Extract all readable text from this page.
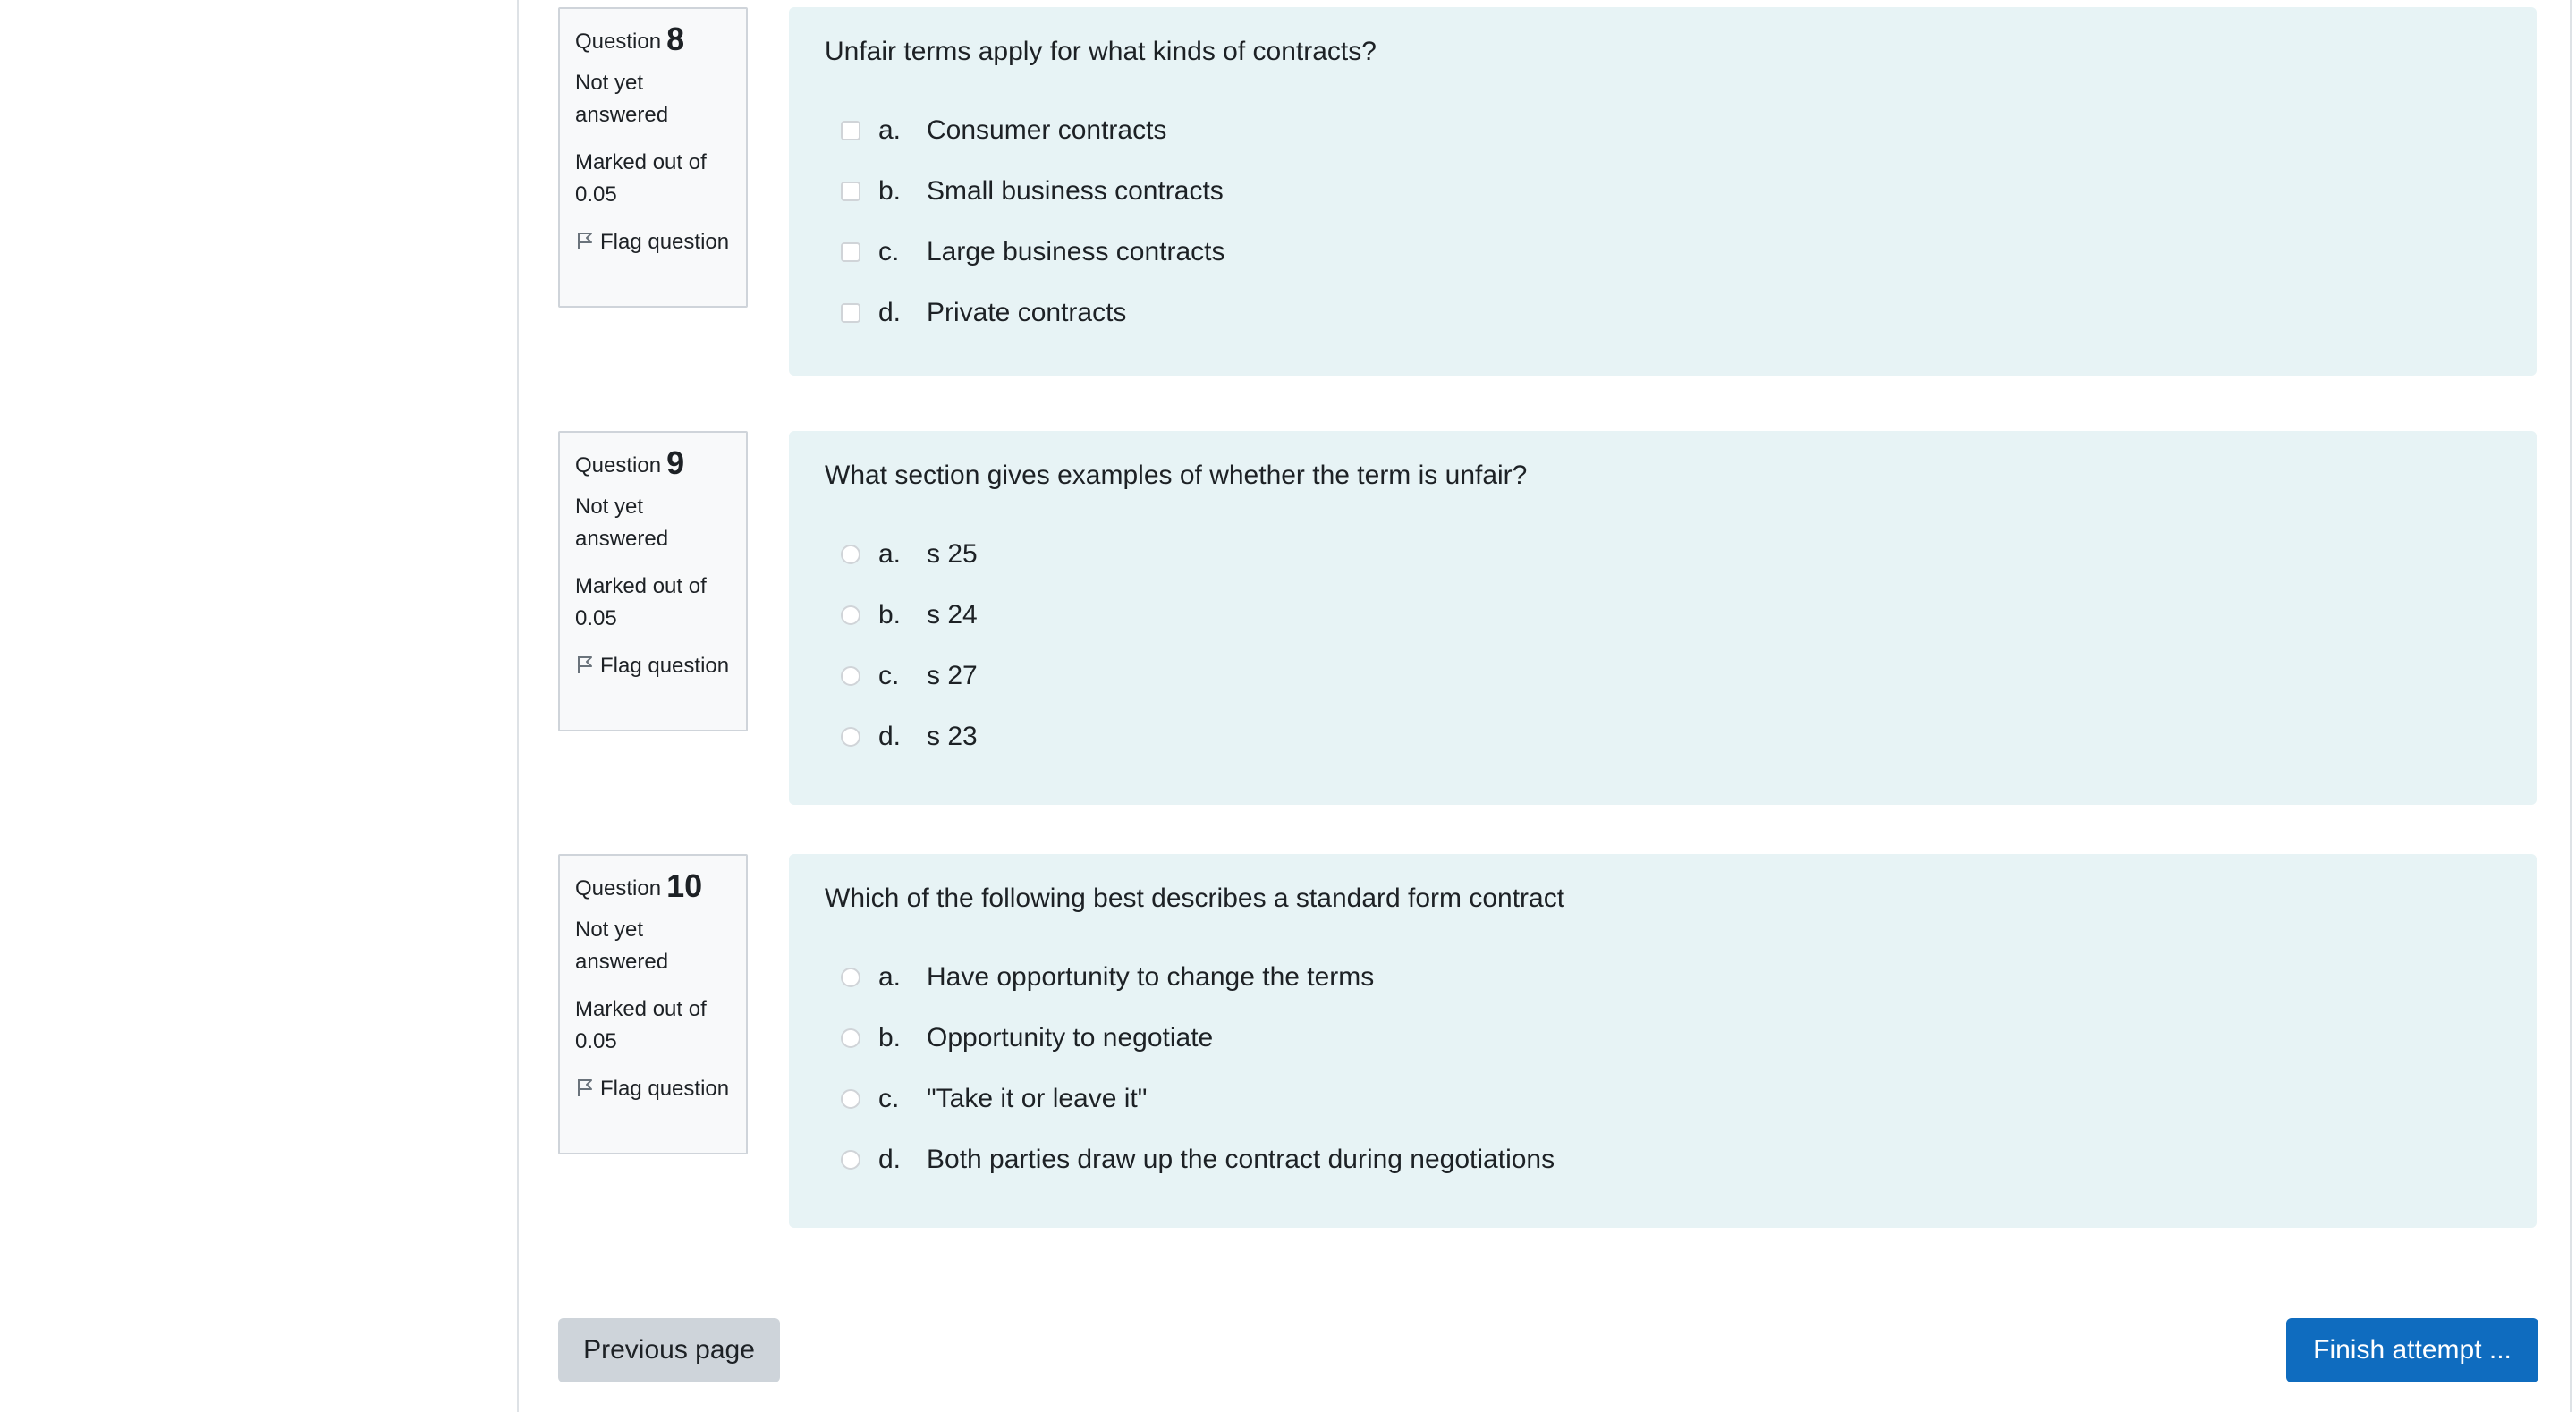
Question 8
Not yet answered
Marked out of 0.05
Flag question
Unfair terms apply for what kinds of contracts?
a. Consumer contracts
b. Small business contracts
c.	Large business contracts
d. Private contracts
Question 9
Not yet answered
Marked out of 0.05
Flag question
What section gives examples of whether the term is unfair?
a. s 25
b. s 24
c.	s 27
d. s 23
Question 10
Not yet answered
Marked out of 0.05
Flag question
Which of the following best describes a standard form contract
a. Have opportunity to change the terms
b. Opportunity to negotiate
c.	"Take it or leave it"
d. Both parties draw up the contract during negotiations
Previous page	Finish attempt ...
